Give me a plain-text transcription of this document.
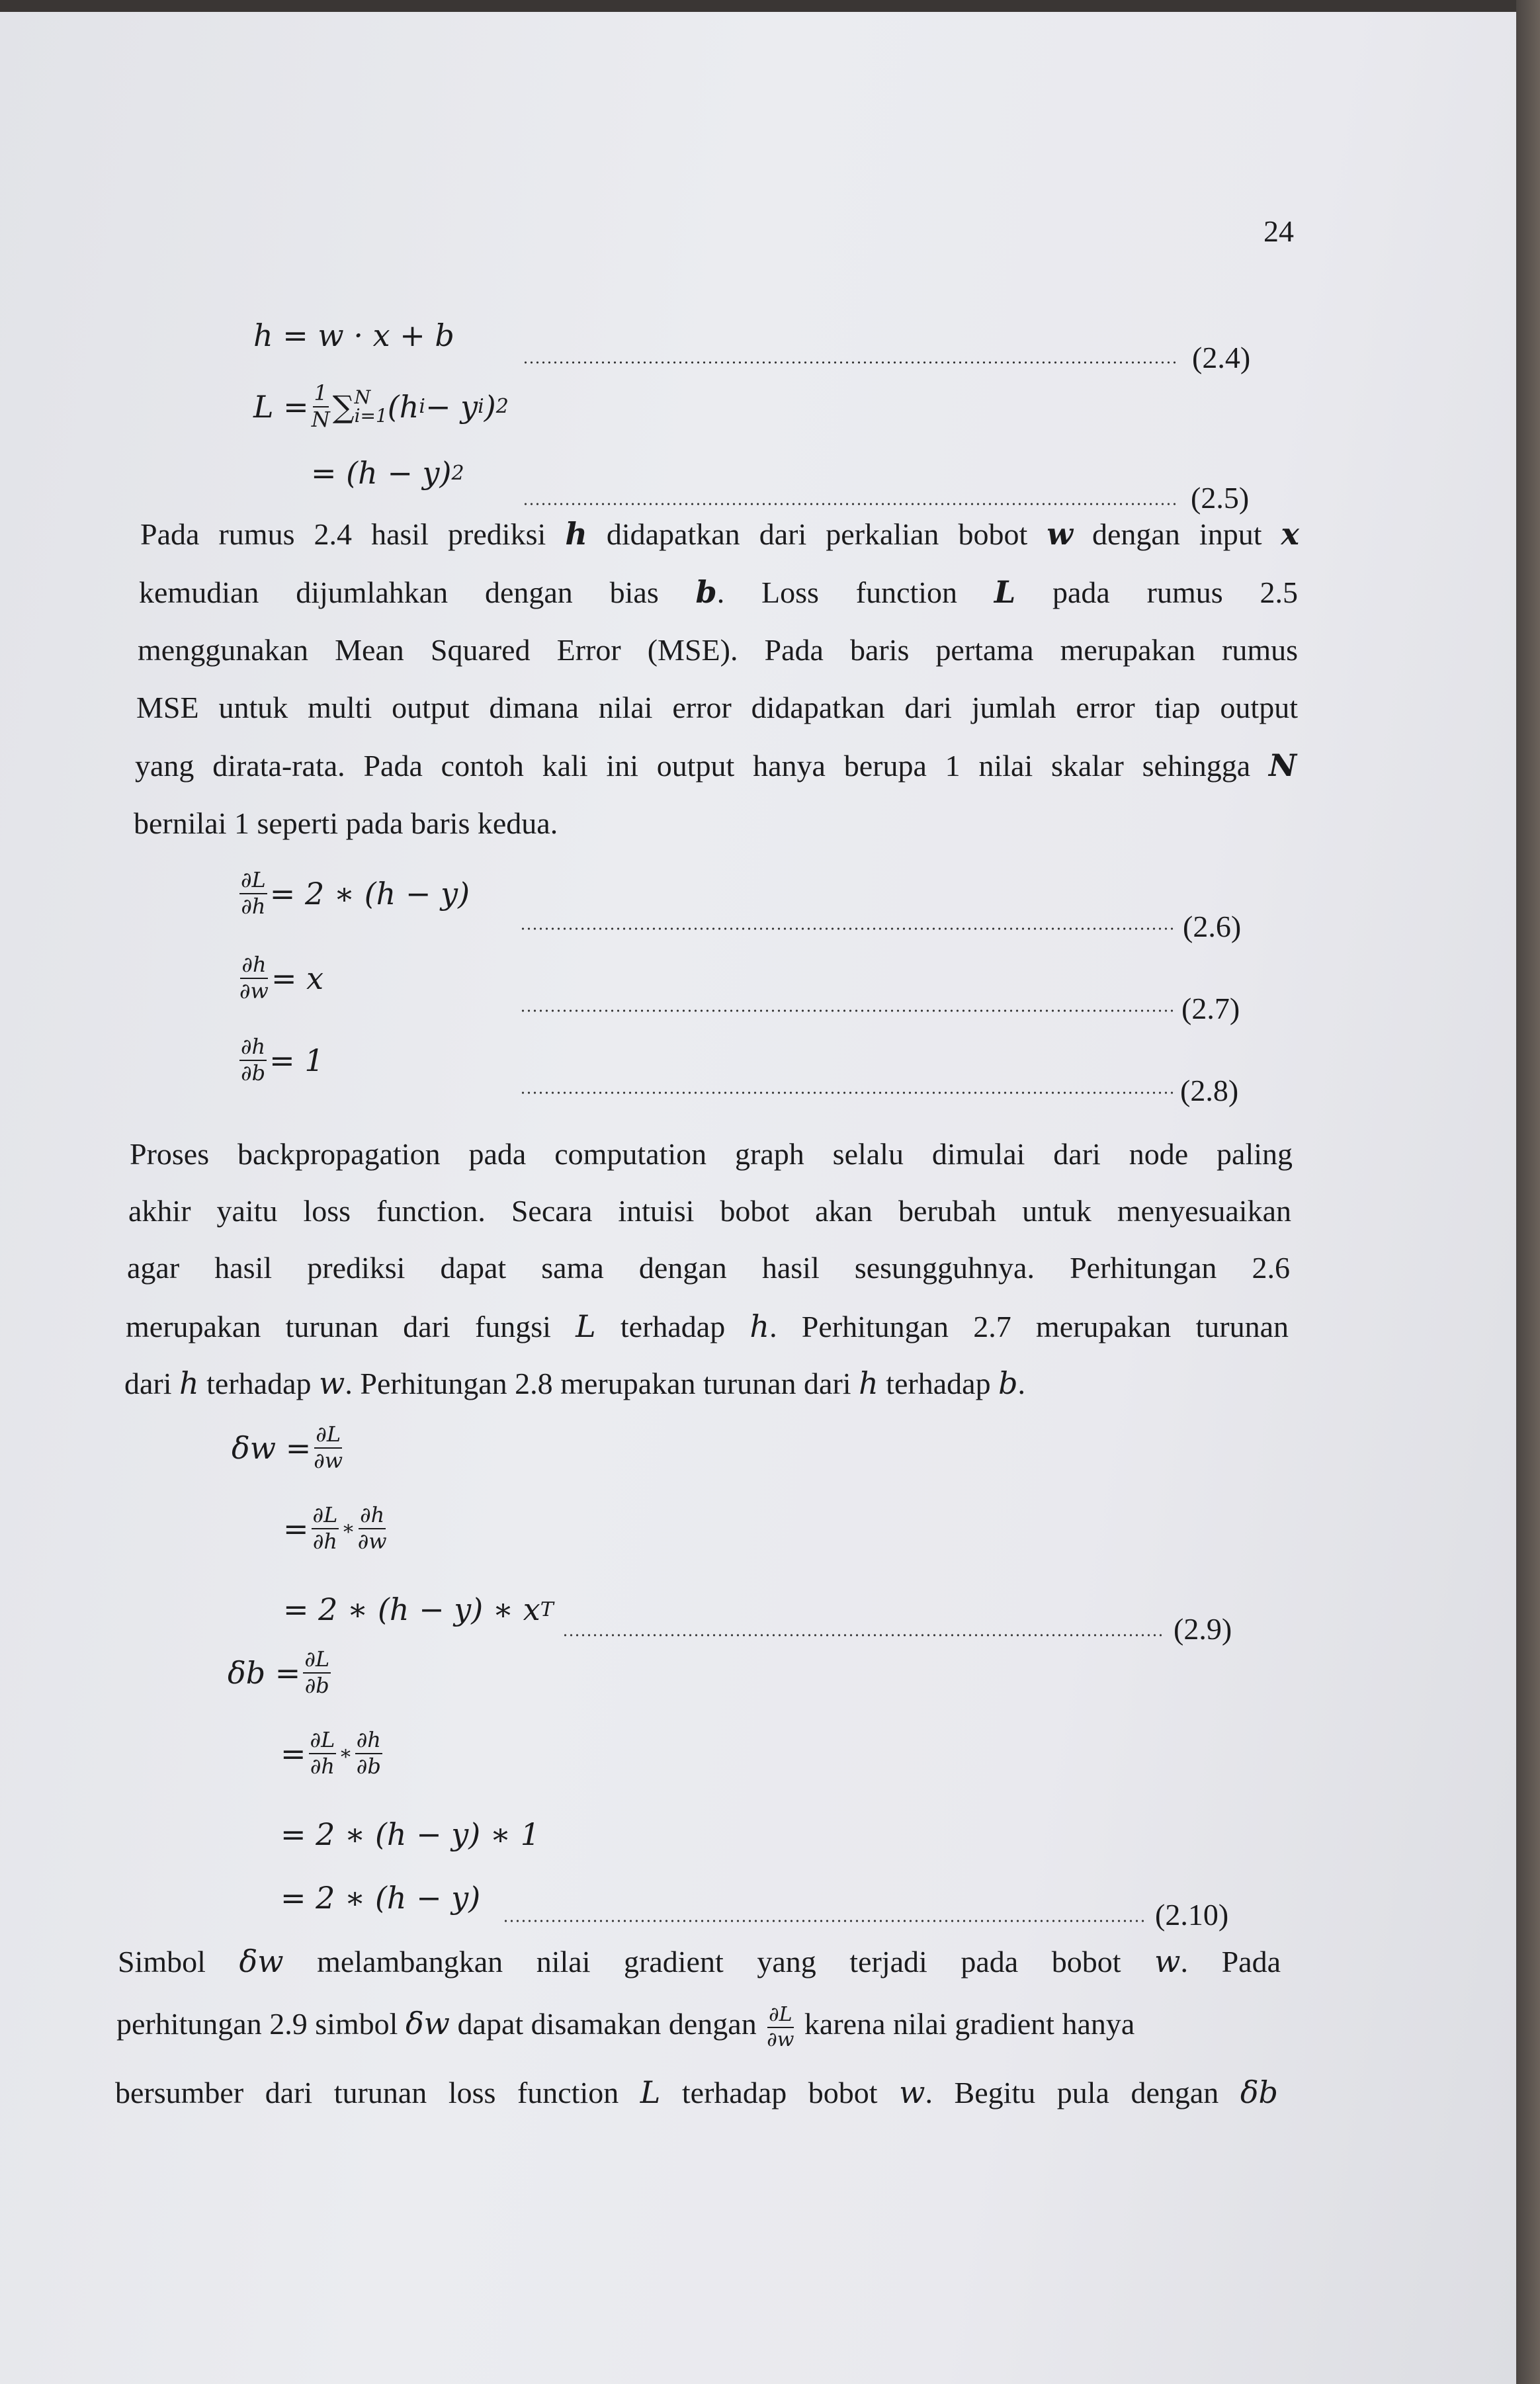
24
h
= w · x + b
(2.4)
L
= $\frac{1}{N}$ ∑ N
i=1 (h i − y i ) 2
= (h − y) 2
(2.5)
Pada rumus 2.4 hasil prediksi h didapatkan dari perkalian bobot w dengan input x
kemudian dijumlahkan dengan bias b. Loss function L pada rumus 2.5
menggunakan Mean Squared Error (MSE). Pada baris pertama merupakan rumus
MSE untuk multi output dimana nilai error didapatkan dari jumlah error tiap output
yang dirata-rata. Pada contoh kali ini output hanya berupa 1 nilai skalar sehingga N
bernilai 1 seperti pada baris kedua.
$\frac{\partial L}{\partial h} = 2$ ∗ (h − y)
(2.6)
$\frac{\partial h}{\partial w} = x$
(2.7)
$\frac{\partial h}{\partial b} = 1$
(2.8)
Proses backpropagation pada computation graph selalu dimulai dari node paling
akhir yaitu loss function. Secara intuisi bobot akan berubah untuk menyesuaikan
agar hasil prediksi dapat sama dengan hasil sesungguhnya. Perhitungan 2.6
merupakan turunan dari fungsi L terhadap h. Perhitungan 2.7 merupakan turunan
dari h terhadap w. Perhitungan 2.8 merupakan turunan dari h terhadap b.
$\delta w = \frac{\partial L}{\partial w}$
= $\frac{\partial L}{\partial h}$ ∗ $\frac{\partial h}{\partial w}$
= 2 ∗ (h − y) ∗ x T
(2.9)
$\delta b = \frac{\partial L}{\partial b}$
= $\frac{\partial L}{\partial h}$ ∗ $\frac{\partial h}{\partial b}$
= 2 ∗ (h − y) ∗ 1
= 2 ∗ (h − y)	(2.10)
Simbol δw melambangkan nilai gradient yang terjadi pada bobot w. Pada
perhitungan 2.9 simbol δw dapat disamakan dengan $\frac{\partial L}{\partial w}$ karena nilai gradient hanya
bersumber dari turunan loss function L terhadap bobot w. Begitu pula dengan δb
